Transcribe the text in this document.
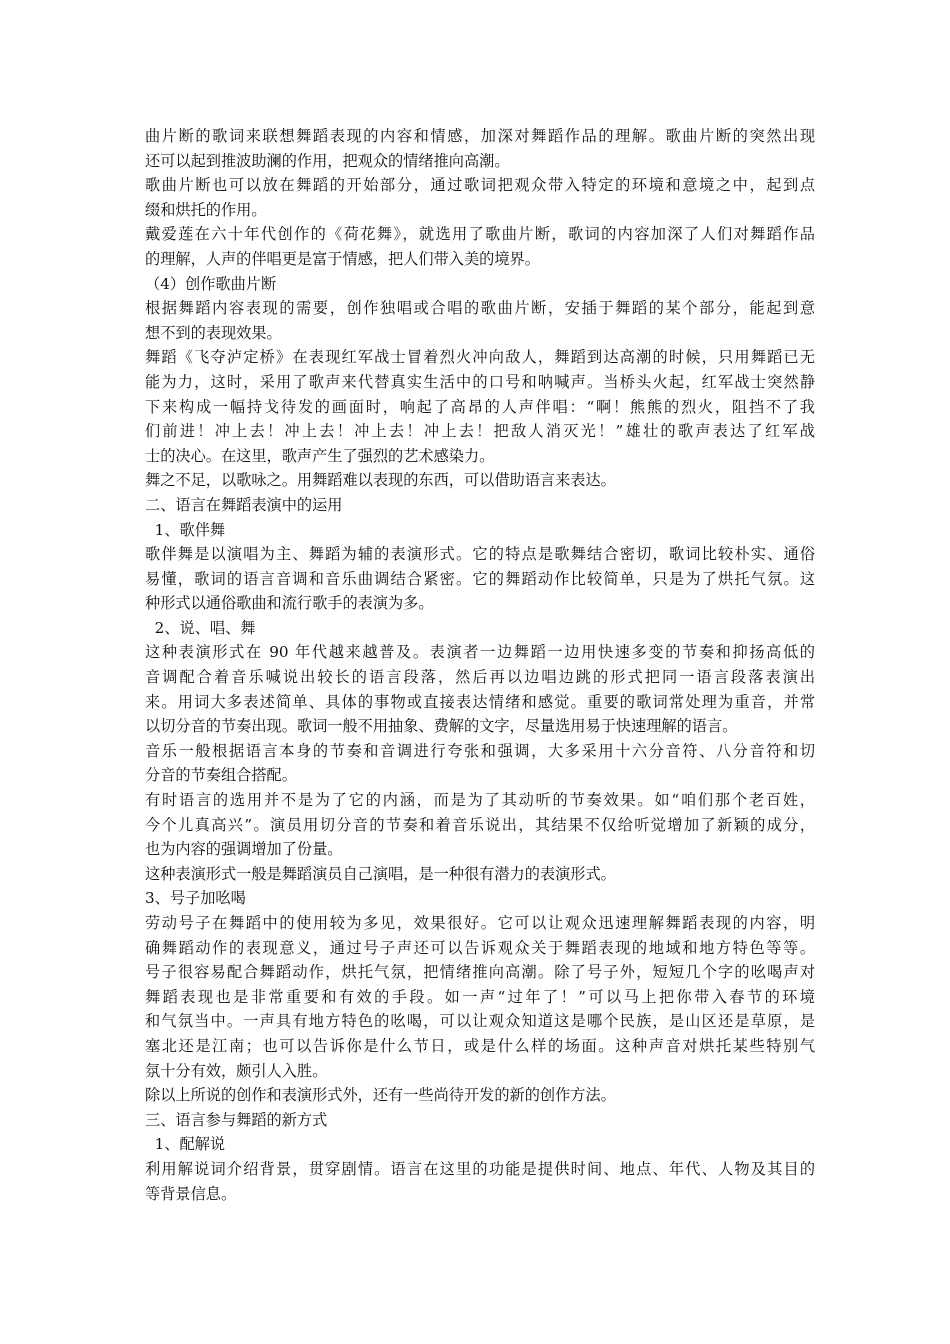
曲片断的歌词来联想舞蹈表现的内容和情感，加深对舞蹈作品的理解。歌曲片断的突然出现
还可以起到推波助澜的作用，把观众的情绪推向高潮。
歌曲片断也可以放在舞蹈的开始部分，通过歌词把观众带入特定的环境和意境之中，起到点
缀和烘托的作用。
戴爱莲在六十年代创作的《荷花舞》，就选用了歌曲片断，歌词的内容加深了人们对舞蹈作品
的理解，人声的伴唱更是富于情感，把人们带入美的境界。
（4）创作歌曲片断
根据舞蹈内容表现的需要，创作独唱或合唱的歌曲片断，安插于舞蹈的某个部分，能起到意
想不到的表现效果。
舞蹈《飞夺泸定桥》在表现红军战士冒着烈火冲向敌人，舞蹈到达高潮的时候，只用舞蹈已无
能为力，这时，采用了歌声来代替真实生活中的口号和呐喊声。当桥头火起，红军战士突然静
下来构成一幅持戈待发的画面时，响起了高昂的人声伴唱：“啊！熊熊的烈火，阻挡不了我
们前进！冲上去！冲上去！冲上去！冲上去！把敌人消灭光！”雄壮的歌声表达了红军战
士的决心。在这里，歌声产生了强烈的艺术感染力。
舞之不足，以歌咏之。用舞蹈难以表现的东西，可以借助语言来表达。
二、语言在舞蹈表演中的运用
1、歌伴舞
歌伴舞是以演唱为主、舞蹈为辅的表演形式。它的特点是歌舞结合密切，歌词比较朴实、通俗
易懂，歌词的语言音调和音乐曲调结合紧密。它的舞蹈动作比较简单，只是为了烘托气氛。这
种形式以通俗歌曲和流行歌手的表演为多。
2、说、唱、舞
这种表演形式在 90 年代越来越普及。表演者一边舞蹈一边用快速多变的节奏和抑扬高低的
音调配合着音乐喊说出较长的语言段落，然后再以边唱边跳的形式把同一语言段落表演出
来。用词大多表述简单、具体的事物或直接表达情绪和感觉。重要的歌词常处理为重音，并常
以切分音的节奏出现。歌词一般不用抽象、费解的文字，尽量选用易于快速理解的语言。
音乐一般根据语言本身的节奏和音调进行夸张和强调，大多采用十六分音符、八分音符和切
分音的节奏组合搭配。
有时语言的选用并不是为了它的内涵，而是为了其动听的节奏效果。如“咱们那个老百姓，
今个儿真高兴”。演员用切分音的节奏和着音乐说出，其结果不仅给听觉增加了新颖的成分，
也为内容的强调增加了份量。
这种表演形式一般是舞蹈演员自己演唱，是一种很有潜力的表演形式。
3、号子加吆喝
劳动号子在舞蹈中的使用较为多见，效果很好。它可以让观众迅速理解舞蹈表现的内容，明
确舞蹈动作的表现意义，通过号子声还可以告诉观众关于舞蹈表现的地域和地方特色等等。
号子很容易配合舞蹈动作，烘托气氛，把情绪推向高潮。除了号子外，短短几个字的吆喝声对
舞蹈表现也是非常重要和有效的手段。如一声“过年了！”可以马上把你带入春节的环境
和气氛当中。一声具有地方特色的吆喝，可以让观众知道这是哪个民族，是山区还是草原，是
塞北还是江南；也可以告诉你是什么节日，或是什么样的场面。这种声音对烘托某些特别气
氛十分有效，颇引人入胜。
除以上所说的创作和表演形式外，还有一些尚待开发的新的创作方法。
三、语言参与舞蹈的新方式
1、配解说
利用解说词介绍背景，贯穿剧情。语言在这里的功能是提供时间、地点、年代、人物及其目的
等背景信息。
